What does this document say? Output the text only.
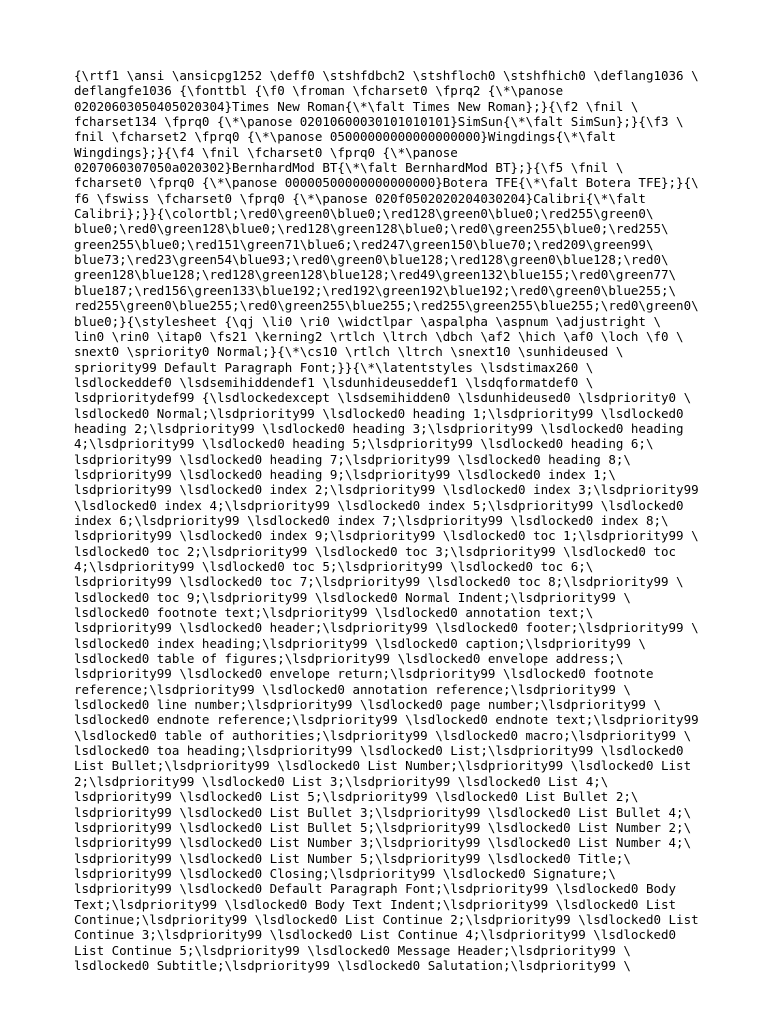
{\rtf1 \ansi \ansicpg1252 \deff0 \stshfdbch2 \stshfloch0 \stshfhich0 \deflang1036 \
deflangfe1036 {\fonttbl {\f0 \froman \fcharset0 \fprq2 {\*\panose
02020603050405020304}Times New Roman{\*\falt Times New Roman};}{\f2 \fnil \
fcharset134 \fprq0 {\*\panose 02010600030101010101}SimSun{\*\falt SimSun};}{\f3 \
fnil \fcharset2 \fprq0 {\*\panose 05000000000000000000}Wingdings{\*\falt
Wingdings};}{\f4 \fnil \fcharset0 \fprq0 {\*\panose
0207060307050a020302}BernhardMod BT{\*\falt BernhardMod BT};}{\f5 \fnil \
fcharset0 \fprq0 {\*\panose 00000500000000000000}Botera TFE{\*\falt Botera TFE};}{\
f6 \fswiss \fcharset0 \fprq0 {\*\panose 020f0502020204030204}Calibri{\*\falt
Calibri};}}{\colortbl;\red0\green0\blue0;\red128\green0\blue0;\red255\green0\
blue0;\red0\green128\blue0;\red128\green128\blue0;\red0\green255\blue0;\red255\
green255\blue0;\red151\green71\blue6;\red247\green150\blue70;\red209\green99\
blue73;\red23\green54\blue93;\red0\green0\blue128;\red128\green0\blue128;\red0\
green128\blue128;\red128\green128\blue128;\red49\green132\blue155;\red0\green77\
blue187;\red156\green133\blue192;\red192\green192\blue192;\red0\green0\blue255;\
red255\green0\blue255;\red0\green255\blue255;\red255\green255\blue255;\red0\green0\
blue0;}{\stylesheet {\qj \li0 \ri0 \widctlpar \aspalpha \aspnum \adjustright \
lin0 \rin0 \itap0 \fs21 \kerning2 \rtlch \ltrch \dbch \af2 \hich \af0 \loch \f0 \
snext0 \spriority0 Normal;}{\*\cs10 \rtlch \ltrch \snext10 \sunhideused \
spriority99 Default Paragraph Font;}}{\*\latentstyles \lsdstimax260 \
lsdlockeddef0 \lsdsemihiddendef1 \lsdunhideuseddef1 \lsdqformatdef0 \
lsdprioritydef99 {\lsdlockedexcept \lsdsemihidden0 \lsdunhideused0 \lsdpriority0 \
lsdlocked0 Normal;\lsdpriority99 \lsdlocked0 heading 1;\lsdpriority99 \lsdlocked0
heading 2;\lsdpriority99 \lsdlocked0 heading 3;\lsdpriority99 \lsdlocked0 heading
4;\lsdpriority99 \lsdlocked0 heading 5;\lsdpriority99 \lsdlocked0 heading 6;\
lsdpriority99 \lsdlocked0 heading 7;\lsdpriority99 \lsdlocked0 heading 8;\
lsdpriority99 \lsdlocked0 heading 9;\lsdpriority99 \lsdlocked0 index 1;\
lsdpriority99 \lsdlocked0 index 2;\lsdpriority99 \lsdlocked0 index 3;\lsdpriority99
\lsdlocked0 index 4;\lsdpriority99 \lsdlocked0 index 5;\lsdpriority99 \lsdlocked0
index 6;\lsdpriority99 \lsdlocked0 index 7;\lsdpriority99 \lsdlocked0 index 8;\
lsdpriority99 \lsdlocked0 index 9;\lsdpriority99 \lsdlocked0 toc 1;\lsdpriority99 \
lsdlocked0 toc 2;\lsdpriority99 \lsdlocked0 toc 3;\lsdpriority99 \lsdlocked0 toc
4;\lsdpriority99 \lsdlocked0 toc 5;\lsdpriority99 \lsdlocked0 toc 6;\
lsdpriority99 \lsdlocked0 toc 7;\lsdpriority99 \lsdlocked0 toc 8;\lsdpriority99 \
lsdlocked0 toc 9;\lsdpriority99 \lsdlocked0 Normal Indent;\lsdpriority99 \
lsdlocked0 footnote text;\lsdpriority99 \lsdlocked0 annotation text;\
lsdpriority99 \lsdlocked0 header;\lsdpriority99 \lsdlocked0 footer;\lsdpriority99 \
lsdlocked0 index heading;\lsdpriority99 \lsdlocked0 caption;\lsdpriority99 \
lsdlocked0 table of figures;\lsdpriority99 \lsdlocked0 envelope address;\
lsdpriority99 \lsdlocked0 envelope return;\lsdpriority99 \lsdlocked0 footnote
reference;\lsdpriority99 \lsdlocked0 annotation reference;\lsdpriority99 \
lsdlocked0 line number;\lsdpriority99 \lsdlocked0 page number;\lsdpriority99 \
lsdlocked0 endnote reference;\lsdpriority99 \lsdlocked0 endnote text;\lsdpriority99
\lsdlocked0 table of authorities;\lsdpriority99 \lsdlocked0 macro;\lsdpriority99 \
lsdlocked0 toa heading;\lsdpriority99 \lsdlocked0 List;\lsdpriority99 \lsdlocked0
List Bullet;\lsdpriority99 \lsdlocked0 List Number;\lsdpriority99 \lsdlocked0 List
2;\lsdpriority99 \lsdlocked0 List 3;\lsdpriority99 \lsdlocked0 List 4;\
lsdpriority99 \lsdlocked0 List 5;\lsdpriority99 \lsdlocked0 List Bullet 2;\
lsdpriority99 \lsdlocked0 List Bullet 3;\lsdpriority99 \lsdlocked0 List Bullet 4;\
lsdpriority99 \lsdlocked0 List Bullet 5;\lsdpriority99 \lsdlocked0 List Number 2;\
lsdpriority99 \lsdlocked0 List Number 3;\lsdpriority99 \lsdlocked0 List Number 4;\
lsdpriority99 \lsdlocked0 List Number 5;\lsdpriority99 \lsdlocked0 Title;\
lsdpriority99 \lsdlocked0 Closing;\lsdpriority99 \lsdlocked0 Signature;\
lsdpriority99 \lsdlocked0 Default Paragraph Font;\lsdpriority99 \lsdlocked0 Body
Text;\lsdpriority99 \lsdlocked0 Body Text Indent;\lsdpriority99 \lsdlocked0 List
Continue;\lsdpriority99 \lsdlocked0 List Continue 2;\lsdpriority99 \lsdlocked0 List
Continue 3;\lsdpriority99 \lsdlocked0 List Continue 4;\lsdpriority99 \lsdlocked0
List Continue 5;\lsdpriority99 \lsdlocked0 Message Header;\lsdpriority99 \
lsdlocked0 Subtitle;\lsdpriority99 \lsdlocked0 Salutation;\lsdpriority99 \
